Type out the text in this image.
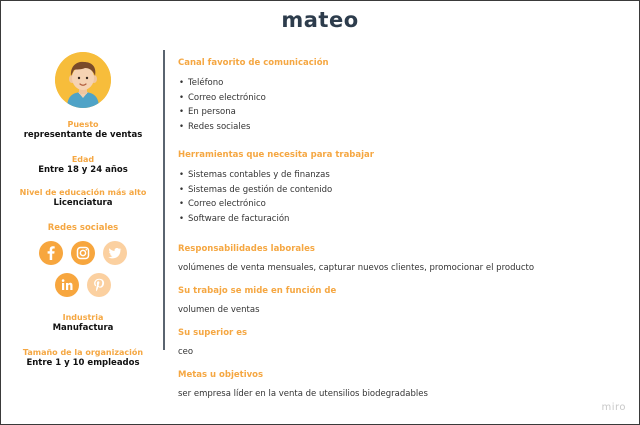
mateo
Puesto
representante de ventas
Edad
Entre 18 y 24 años
Nivel de educación más alto
Licenciatura
Redes sociales
Industria
Manufactura
Tamaño de la organización
Entre 1 y 10 empleados
Canal favorito de comunicación
• Teléfono
• Correo electrónico
• En persona
• Redes sociales
Herramientas que necesita para trabajar
• Sistemas contables y de finanzas
• Sistemas de gestión de contenido
• Correo electrónico
• Software de facturación
Responsabilidades laborales
volúmenes de venta mensuales, capturar nuevos clientes, promocionar el producto
Su trabajo se mide en función de
volumen de ventas
Su superior es
ceo
Metas u objetivos
ser empresa líder en la venta de utensilios biodegradables
miro
